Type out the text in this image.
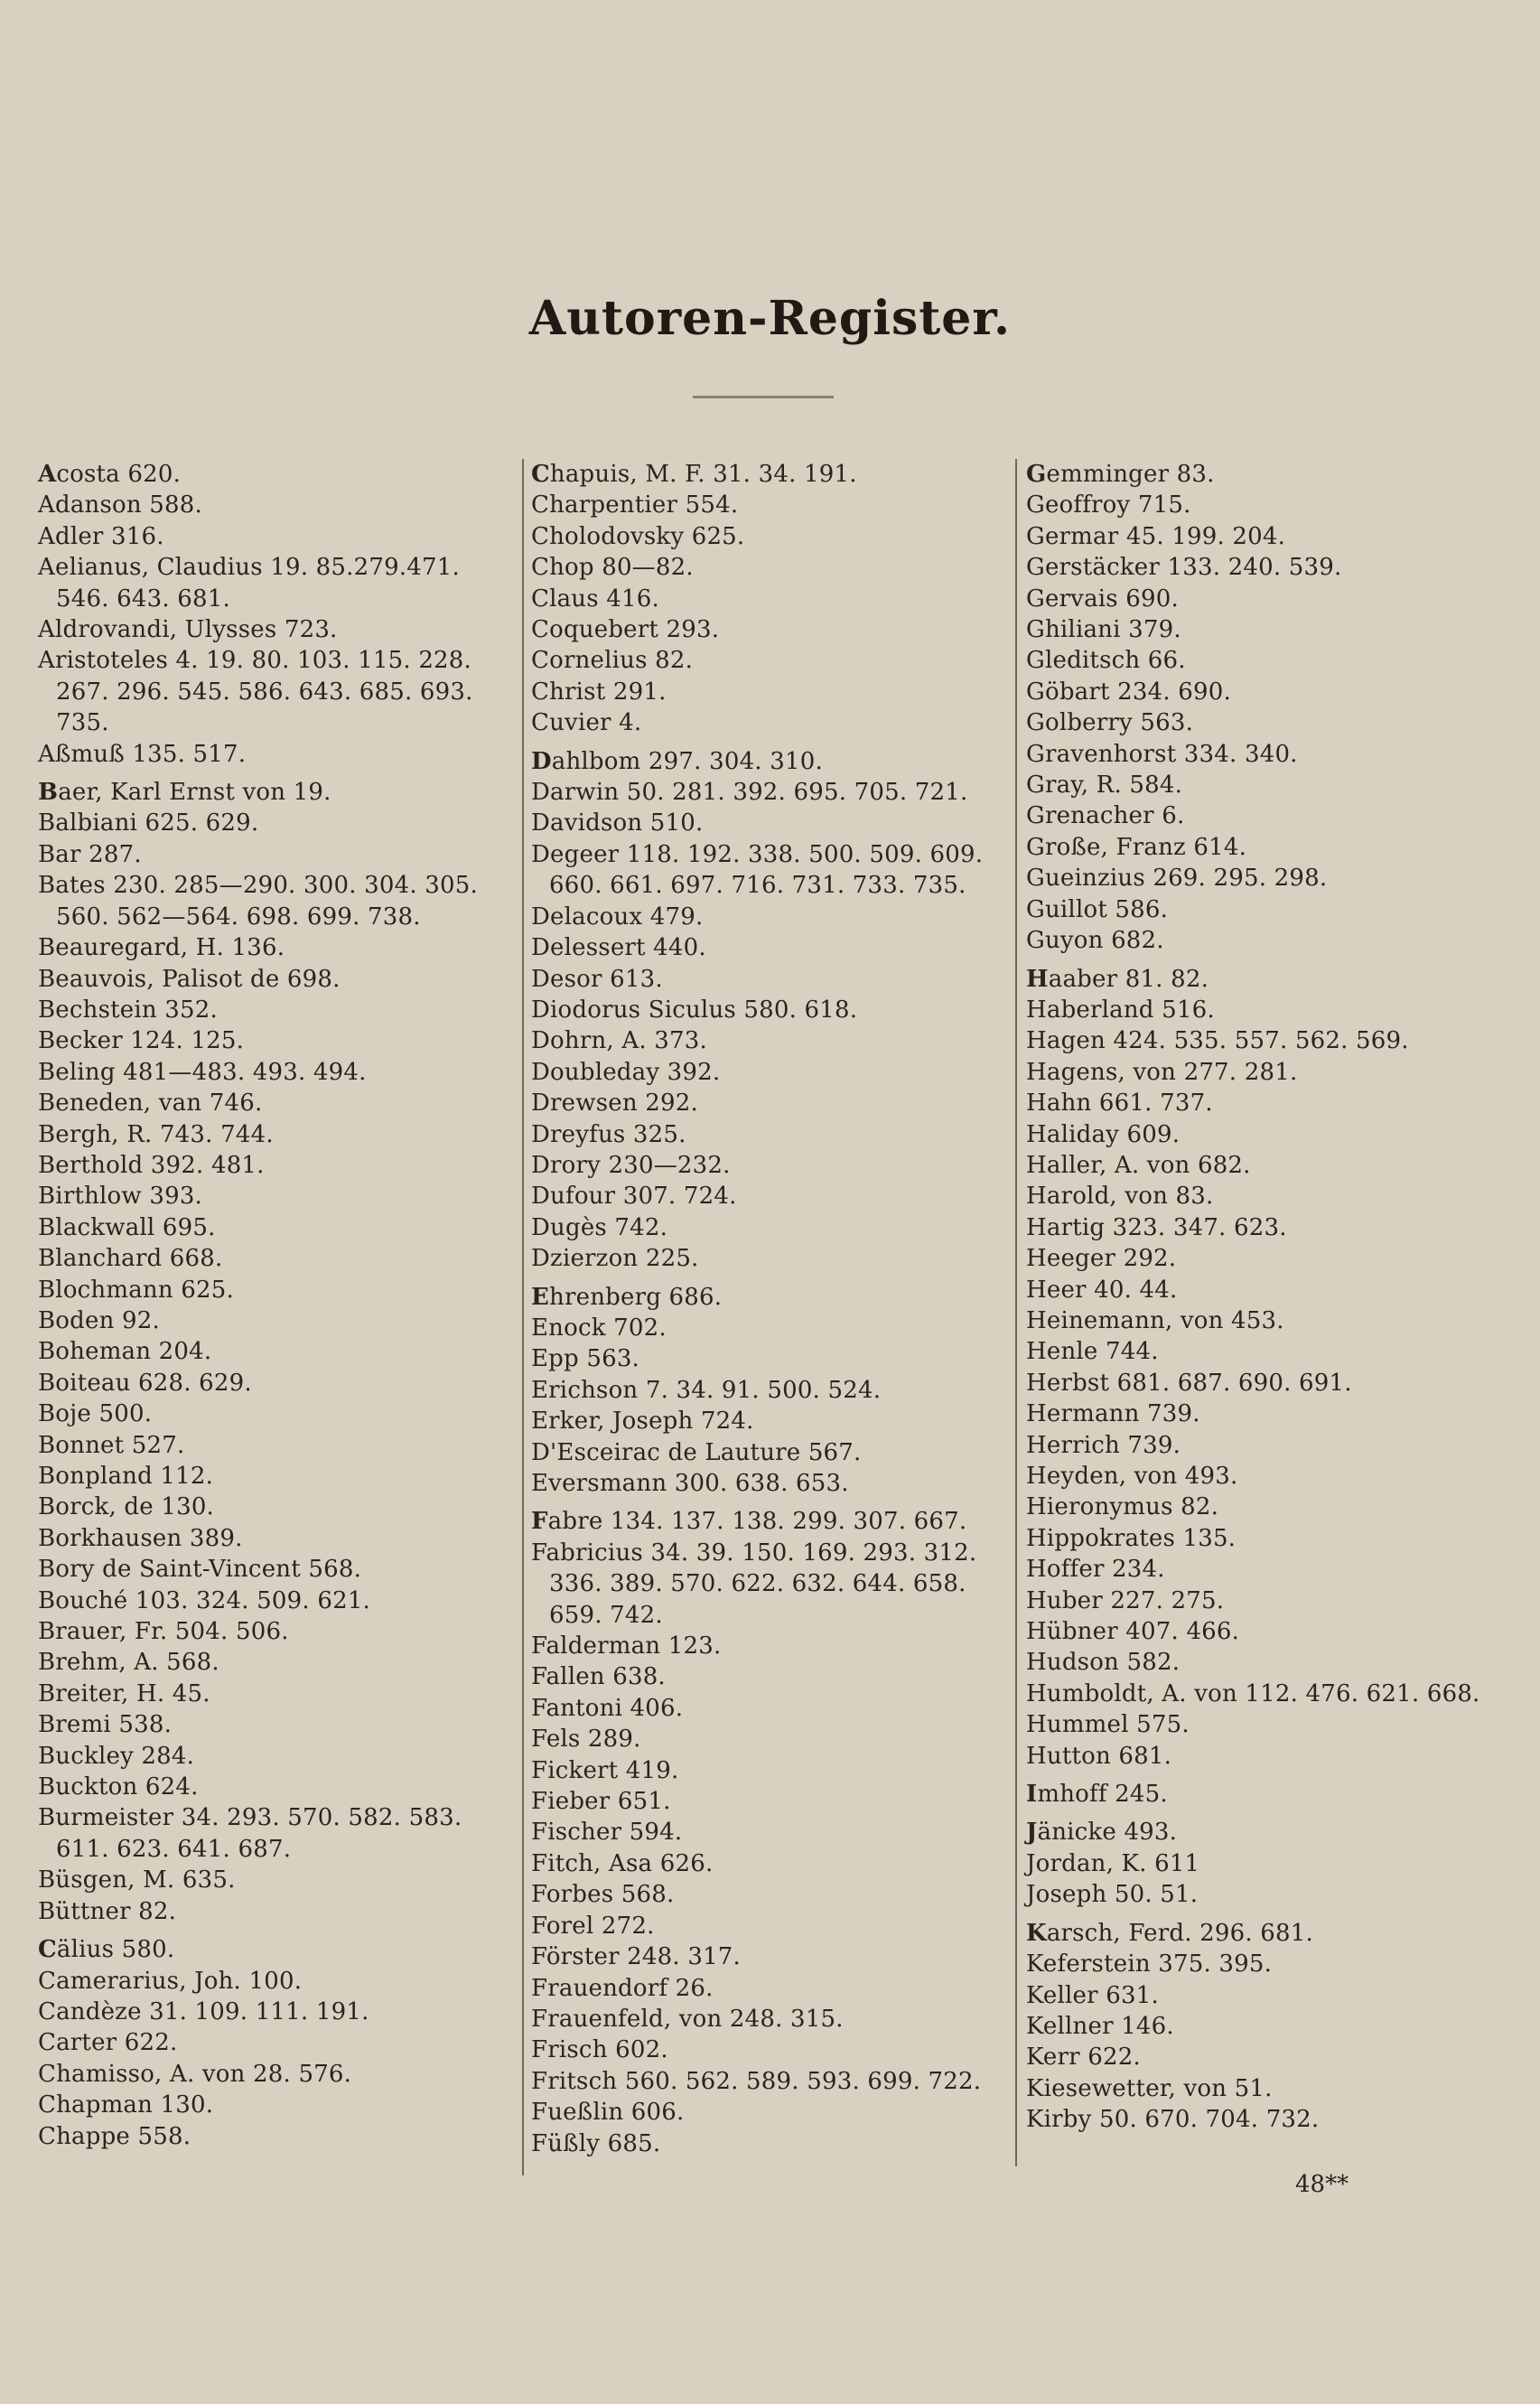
Autoren-Register.
Acosta 620.
Adanson 588.
Adler 316.
Aelianus, Claudius 19. 85.279.471. 546. 643. 681.
Aldrovandi, Ulysses 723.
Aristoteles 4. 19. 80. 103. 115. 228. 267. 296. 545. 586. 643. 685. 693. 735.
Aßmuß 135. 517.
Baer, Karl Ernst von 19.
Balbiani 625. 629.
Bar 287.
Bates 230. 285—290. 300. 304. 305. 560. 562—564. 698. 699. 738.
Beauregard, H. 136.
Beauvois, Palisot de 698.
Bechstein 352.
Becker 124. 125.
Beling 481—483. 493. 494.
Beneden, van 746.
Bergh, R. 743. 744.
Berthold 392. 481.
Birthlow 393.
Blackwall 695.
Blanchard 668.
Blochmann 625.
Boden 92.
Boheman 204.
Boiteau 628. 629.
Boje 500.
Bonnet 527.
Bonpland 112.
Borck, de 130.
Borkhausen 389.
Bory de Saint-Vincent 568.
Bouché 103. 324. 509. 621.
Brauer, Fr. 504. 506.
Brehm, A. 568.
Breiter, H. 45.
Bremi 538.
Buckley 284.
Buckton 624.
Burmeister 34. 293. 570. 582. 583. 611. 623. 641. 687.
Büsgen, M. 635.
Büttner 82.
Cälius 580.
Camerarius, Joh. 100.
Candèze 31. 109. 111. 191.
Carter 622.
Chamisso, A. von 28. 576.
Chapman 130.
Chappe 558.
Chapuis, M. F. 31. 34. 191.
Charpentier 554.
Cholodovsky 625.
Chop 80—82.
Claus 416.
Coquebert 293.
Cornelius 82.
Christ 291.
Cuvier 4.
Dahlbom 297. 304. 310.
Darwin 50. 281. 392. 695. 705. 721.
Davidson 510.
Degeer 118. 192. 338. 500. 509. 609. 660. 661. 697. 716. 731. 733. 735.
Delacoux 479.
Delessert 440.
Desor 613.
Diodorus Siculus 580. 618.
Dohrn, A. 373.
Doubleday 392.
Drewsen 292.
Dreyfus 325.
Drory 230—232.
Dufour 307. 724.
Dugès 742.
Dzierzon 225.
Ehrenberg 686.
Enock 702.
Epp 563.
Erichson 7. 34. 91. 500. 524.
Erker, Joseph 724.
D'Esceirac de Lauture 567.
Eversmann 300. 638. 653.
Fabre 134. 137. 138. 299. 307. 667.
Fabricius 34. 39. 150. 169. 293. 312. 336. 389. 570. 622. 632. 644. 658. 659. 742.
Falderman 123.
Fallen 638.
Fantoni 406.
Fels 289.
Fickert 419.
Fieber 651.
Fischer 594.
Fitch, Asa 626.
Forbes 568.
Forel 272.
Förster 248. 317.
Frauendorf 26.
Frauenfeld, von 248. 315.
Frisch 602.
Fritsch 560. 562. 589. 593. 699. 722.
Fueßlin 606.
Füßly 685.
Gemminger 83.
Geoffroy 715.
Germar 45. 199. 204.
Gerstäcker 133. 240. 539.
Gervais 690.
Ghiliani 379.
Gleditsch 66.
Göbart 234. 690.
Golberry 563.
Gravenhorst 334. 340.
Gray, R. 584.
Grenacher 6.
Große, Franz 614.
Gueinzius 269. 295. 298.
Guillot 586.
Guyon 682.
Haaber 81. 82.
Haberland 516.
Hagen 424. 535. 557. 562. 569.
Hagens, von 277. 281.
Hahn 661. 737.
Haliday 609.
Haller, A. von 682.
Harold, von 83.
Hartig 323. 347. 623.
Heeger 292.
Heer 40. 44.
Heinemann, von 453.
Henle 744.
Herbst 681. 687. 690. 691.
Hermann 739.
Herrich 739.
Heyden, von 493.
Hieronymus 82.
Hippokrates 135.
Hoffer 234.
Huber 227. 275.
Hübner 407. 466.
Hudson 582.
Humboldt, A. von 112. 476. 621. 668.
Hummel 575.
Hutton 681.
Imhoff 245.
Jänicke 493.
Jordan, K. 611
Joseph 50. 51.
Karsch, Ferd. 296. 681.
Keferstein 375. 395.
Keller 631.
Kellner 146.
Kerr 622.
Kiesewetter, von 51.
Kirby 50. 670. 704. 732.
48**
